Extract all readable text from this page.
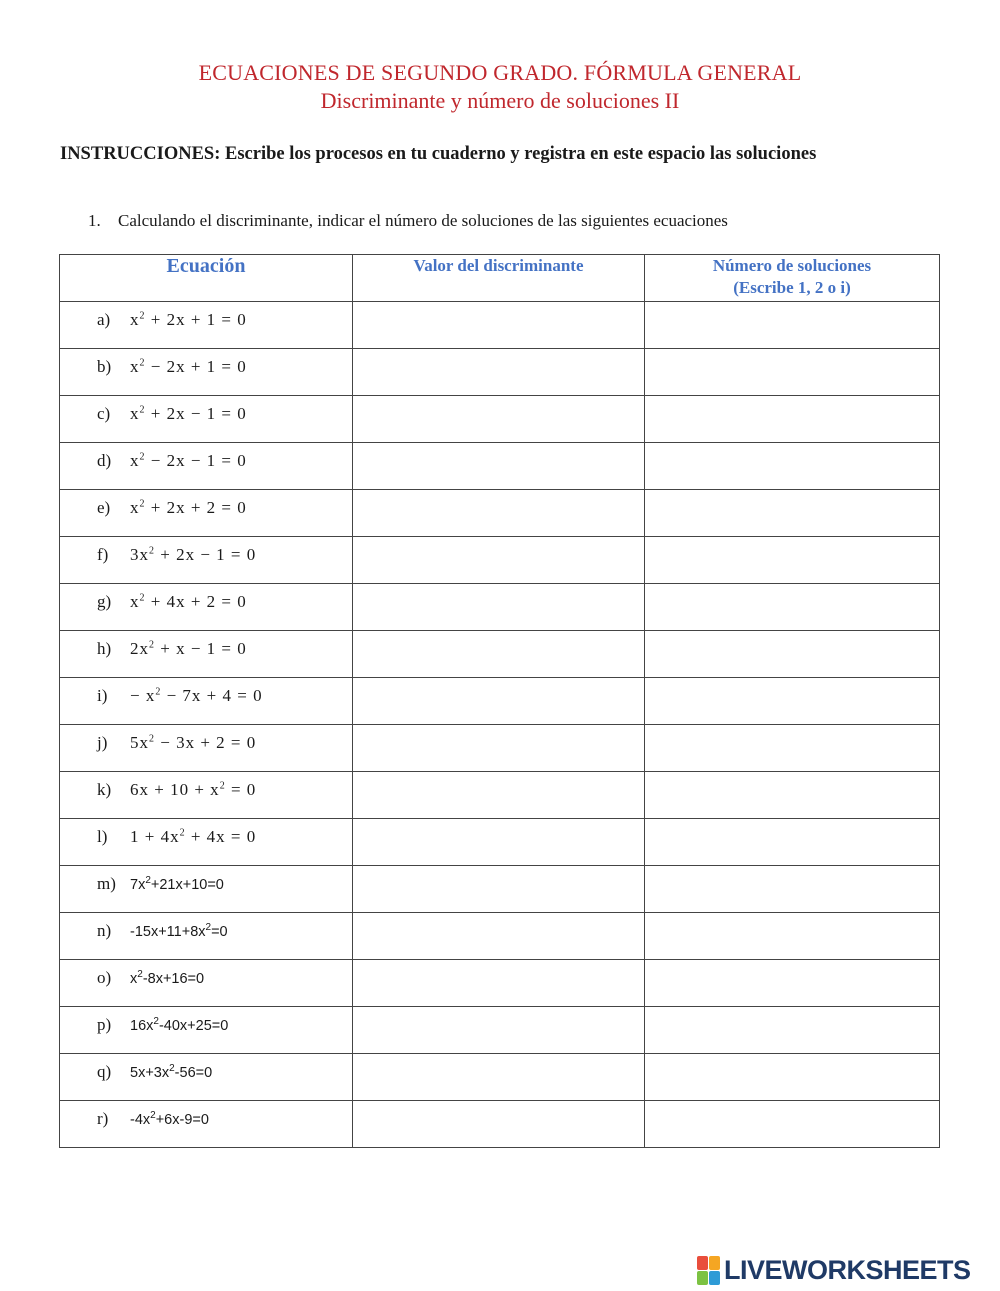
ECUACIONES DE SEGUNDO GRADO. FÓRMULA GENERAL
Discriminante y número de soluciones II
INSTRUCCIONES: Escribe los procesos en tu cuaderno y registra en este espacio las soluciones
1. Calculando el discriminante, indicar el número de soluciones de las siguientes ecuaciones
Ecuación	Valor del discriminante	Número de soluciones
(Escribe 1, 2 o i)

a) $x^2 + 2x + 1 = 0$		

b) $x^2 - 2x + 1 = 0$		

c) $x^2 + 2x - 1 = 0$		

d) $x^2 - 2x - 1 = 0$		

e) $x^2 + 2x + 2 = 0$		

f) $3x^2 + 2x - 1 = 0$		

g) $x^2 + 4x + 2 = 0$		

h) $2x^2 + x - 1 = 0$		

$i) - x^2 - 7x + 4 = 0$		

j) $5x^2 - 3x + 2 = 0$		

k) $6x + 10 + x^2 = 0$		

l) $1 + 4x^2 + 4x = 0$		

m) $7x^2+21x+10=0$		

n) $-15x+11+8x^2=0$		

o) $x^2-8x+16=0$		

p) $16x^2-40x+25=0$		

q) $5x+3x^2-56=0$		

r) $-4x^2+6x-9=0$		

LIVEWORKSHEETS
